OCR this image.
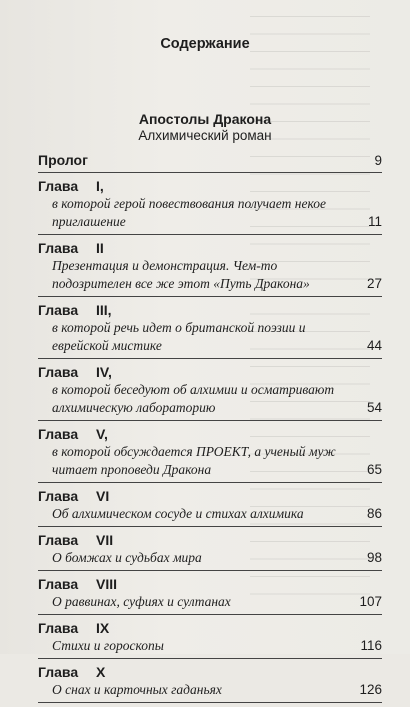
Содержание
Апостолы Дракона
Алхимический роман
Пролог	9
Глава	I,
в которой герой повествования получает некое приглашение	11
Глава	II
Презентация и демонстрация. Чем-то подозрителен все же этот «Путь Дракона»	27
Глава	III,
в которой речь идет о британской поэзии и еврейской мистике	44
Глава	IV,
в которой беседуют об алхимии и осматривают алхимическую лабораторию	54
Глава	V,
в которой обсуждается ПРОЕКТ, а ученый муж читает проповеди Дракона	65
Глава	VI
Об алхимическом сосуде и стихах алхимика	86
Глава	VII
О бомжах и судьбах мира	98
Глава	VIII
О раввинах, суфиях и султанах	107
Глава	IX
Стихи и гороскопы	116
Глава	X
О снах и карточных гаданьях	126
